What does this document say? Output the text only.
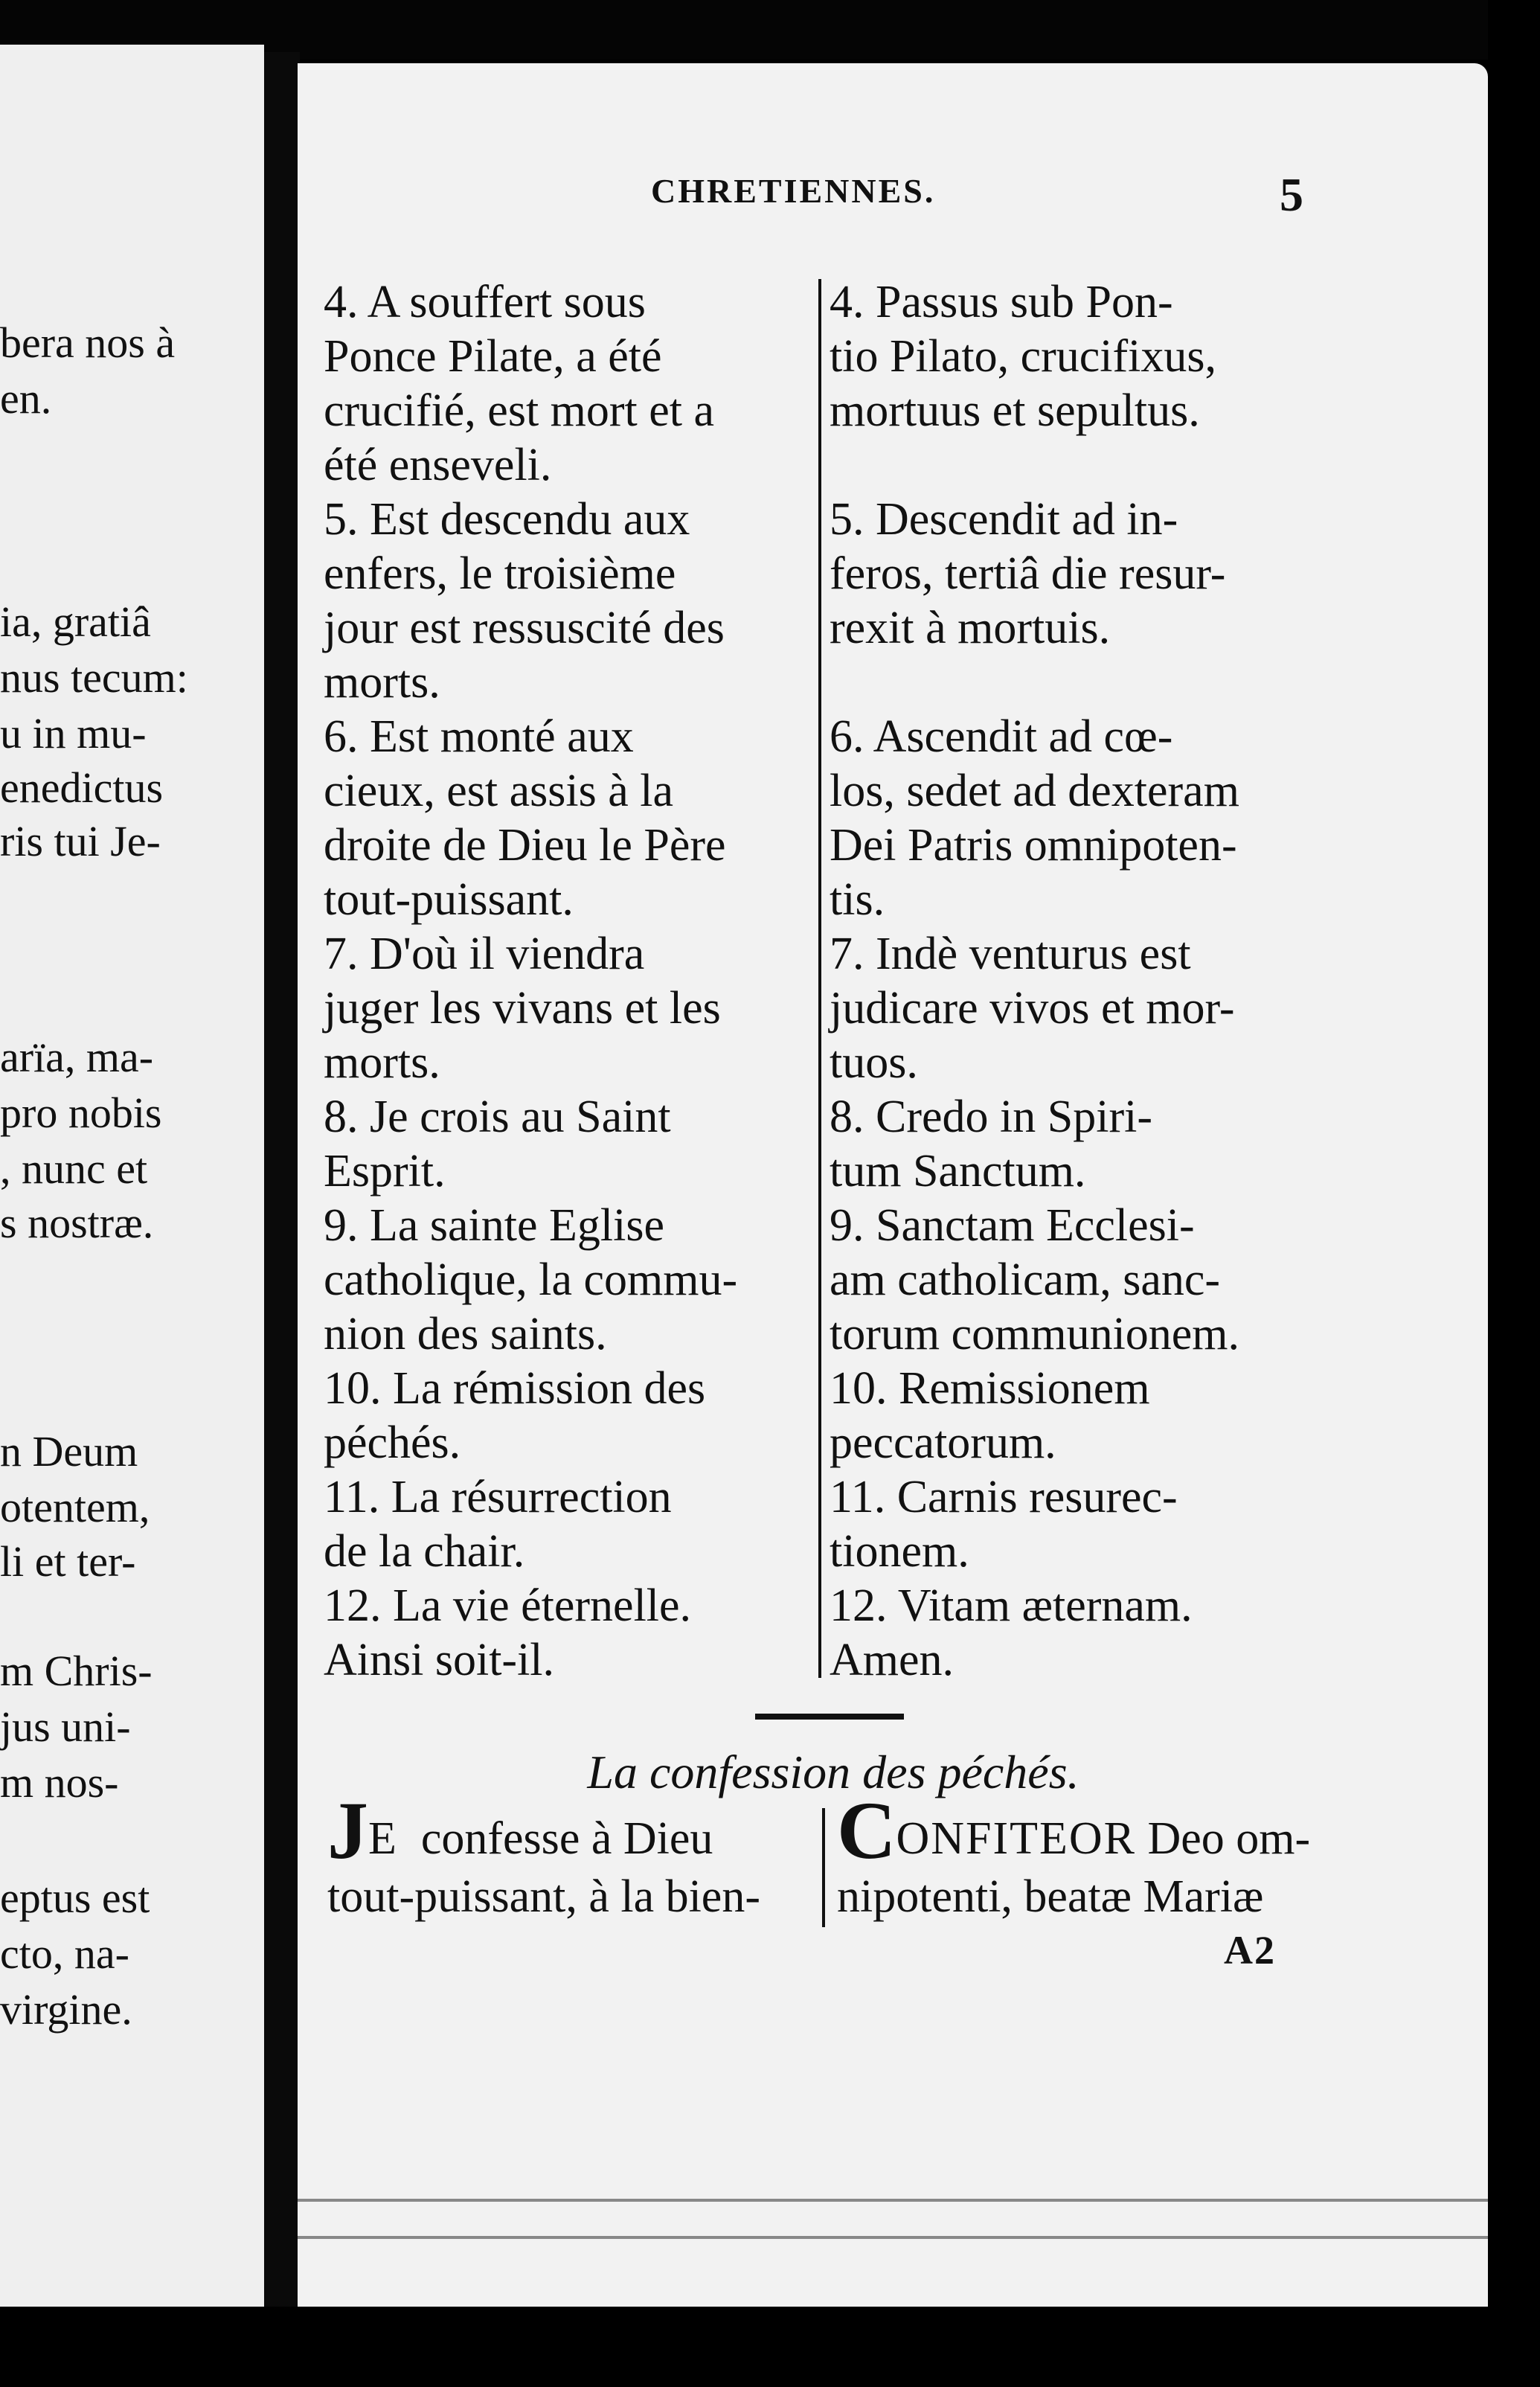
bera nos à
en.
ia, gratiâ
nus tecum:
u in mu-
enedictus
ris tui Je-
arïa, ma-
pro nobis
, nunc et
s nostræ.
n Deum
otentem,
li et ter-
m Chris-
jus uni-
m nos-
eptus est
cto, na-
virgine.
CHRETIENNES.	5
4. A souffert sous
Ponce Pilate, a été
crucifié, est mort et a
été enseveli.
5. Est descendu aux
enfers, le troisième
jour est ressuscité des
morts.
6. Est monté aux
cieux, est assis à la
droite de Dieu le Père
tout-puissant.
7. D'où il viendra
juger les vivans et les
morts.
8. Je crois au Saint
Esprit.
9. La sainte Eglise
catholique, la commu-
nion des saints.
10. La rémission des
péchés.
11. La résurrection
de la chair.
12. La vie éternelle.
Ainsi soit-il.
4. Passus sub Pon-
tio Pilato, crucifixus,
mortuus et sepultus.

5. Descendit ad in-
feros, tertiâ die resur-
rexit à mortuis.

6. Ascendit ad cœ-
los, sedet ad dexteram
Dei Patris omnipoten-
tis.
7. Indè venturus est
judicare vivos et mor-
tuos.
8. Credo in Spiri-
tum Sanctum.
9. Sanctam Ecclesi-
am catholicam, sanc-
torum communionem.
10. Remissionem
peccatorum.
11. Carnis resurec-
tionem.
12. Vitam æternam.
Amen.
La confession des péchés.
JE confesse à Dieu
tout-puissant, à la bien-
CONFITEOR Deo om-
nipotenti, beatæ Mariæ
A2
